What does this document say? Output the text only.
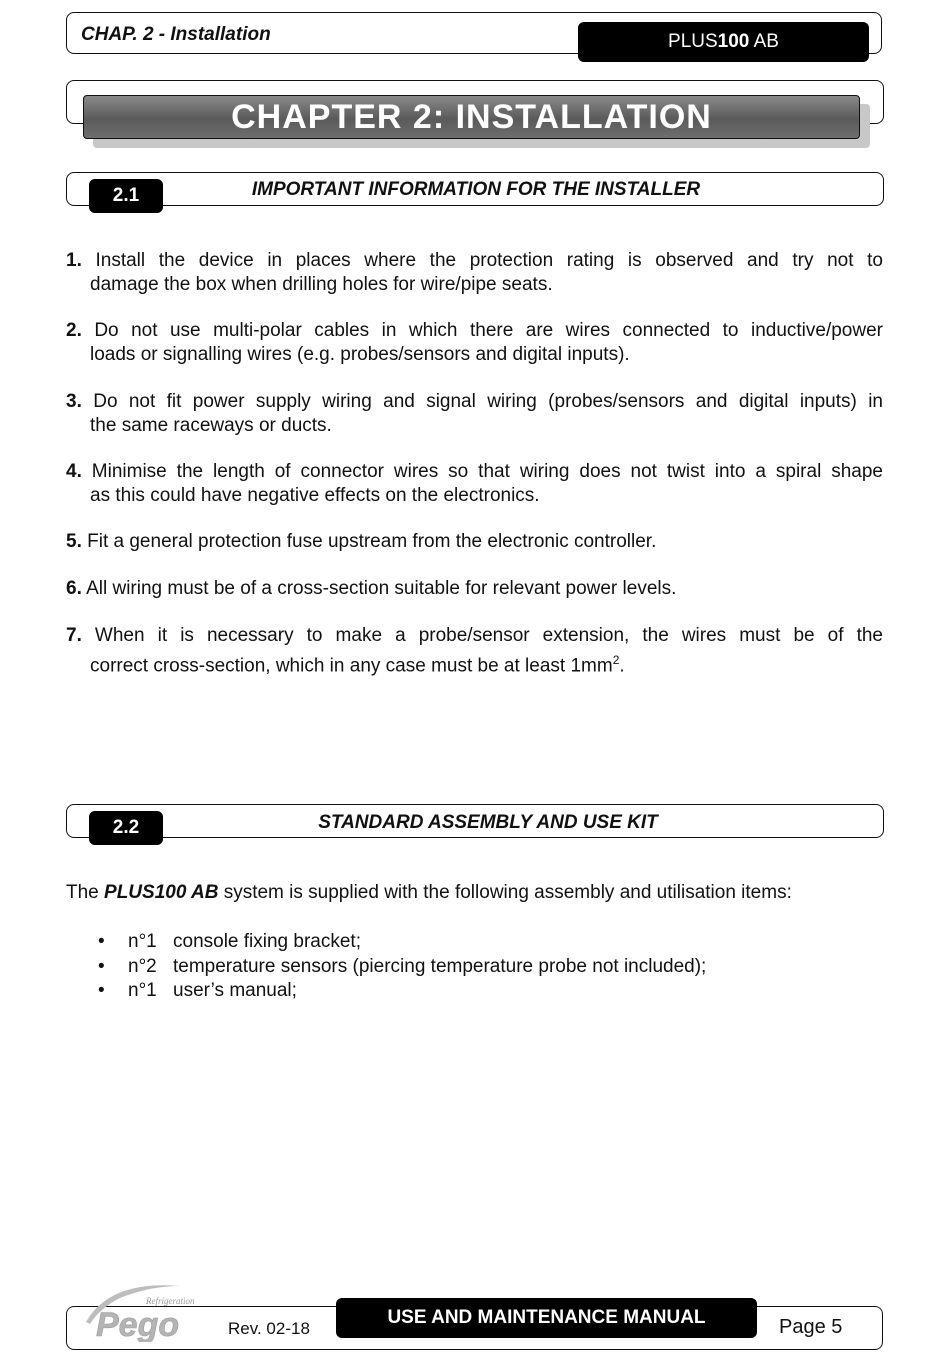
CHAP. 2 - Installation	PLUS 100 AB
CHAPTER 2: INSTALLATION
2.1	IMPORTANT INFORMATION FOR THE INSTALLER
1. Install the device in places where the protection rating is observed and try not to
damage the box when drilling holes for wire/pipe seats.
2. Do not use multi-polar cables in which there are wires connected to inductive/power
loads or signalling wires (e.g. probes/sensors and digital inputs).
3. Do not fit power supply wiring and signal wiring (probes/sensors and digital inputs) in
the same raceways or ducts.
4. Minimise the length of connector wires so that wiring does not twist into a spiral shape
as this could have negative effects on the electronics.
5. Fit a general protection fuse upstream from the electronic controller.
6. All wiring must be of a cross-section suitable for relevant power levels.
7. When it is necessary to make a probe/sensor extension, the wires must be of the
correct cross-section, which in any case must be at least $1mm^2$.
2.2	STANDARD ASSEMBLY AND USE KIT
The PLUS100 AB system is supplied with the following assembly and utilisation items:
•	n°1 console fixing bracket;
•	n°2 temperature sensors (piercing temperature probe not included);
•	n°1 user’s manual;
Refrigeration
Pego	Rev. 02-18
USE AND MAINTENANCE MANUAL	Page 5
